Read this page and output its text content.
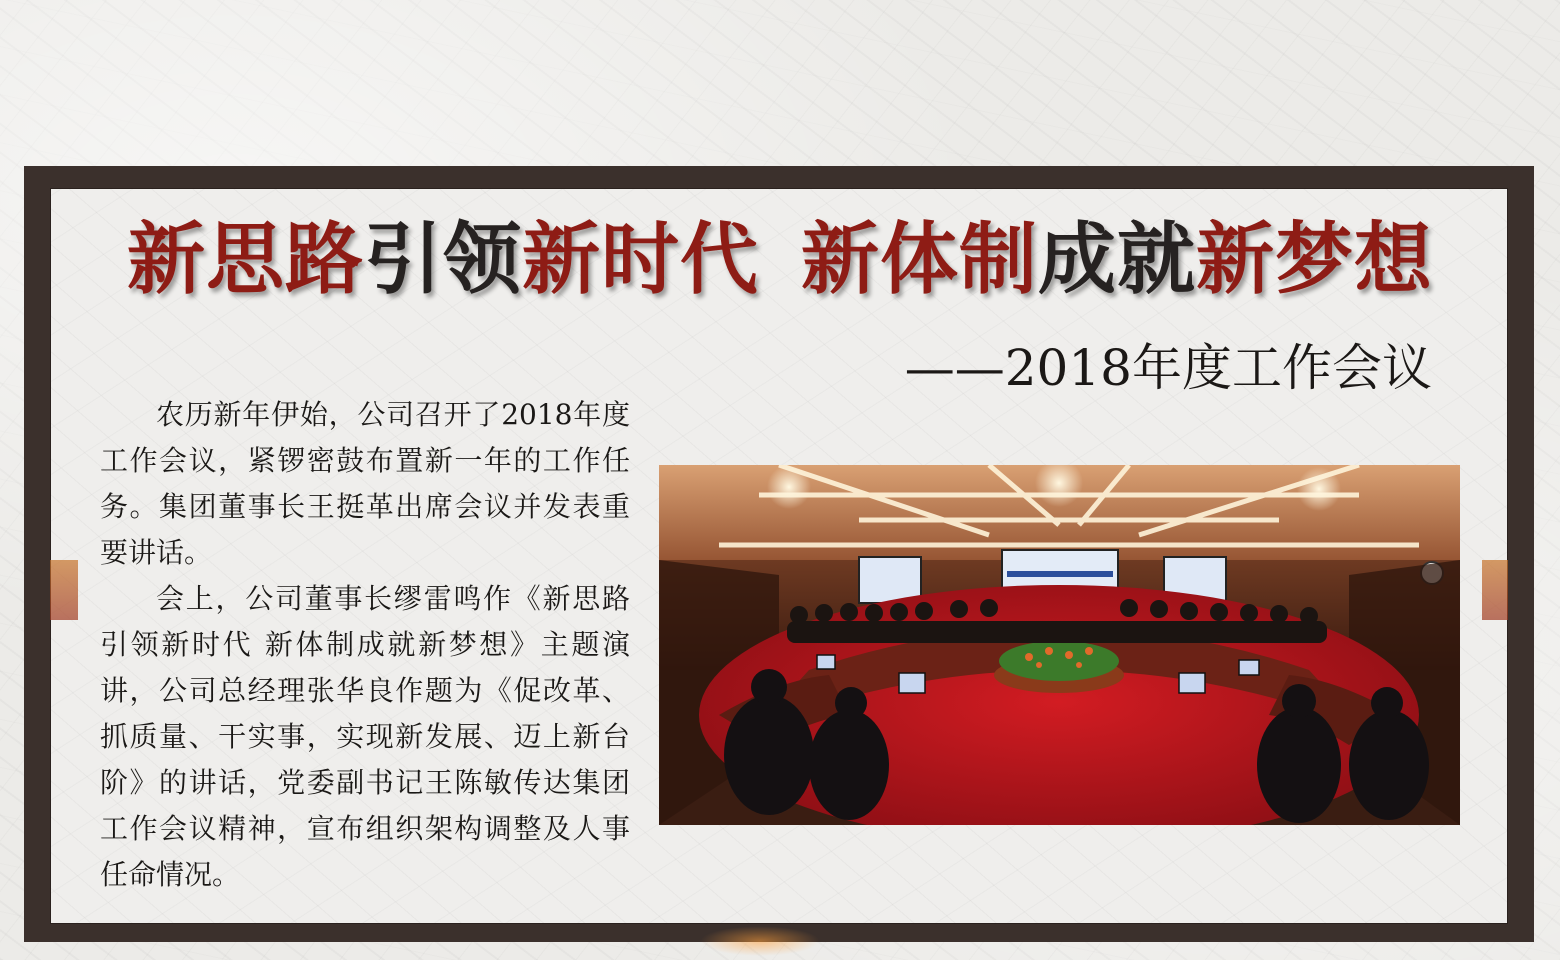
新思路引领新时代 新体制成就新梦想
——2018年度工作会议

农历新年伊始，公司召开了2018年度工作会议，紧锣密鼓布置新一年的工作任务。集团董事长王挺革出席会议并发表重要讲话。

会上，公司董事长缪雷鸣作《新思路引领新时代 新体制成就新梦想》主题演讲，公司总经理张华良作题为《促改革、抓质量、干实事，实现新发展、迈上新台阶》的讲话，党委副书记王陈敏传达集团工作会议精神，宣布组织架构调整及人事任命情况。
